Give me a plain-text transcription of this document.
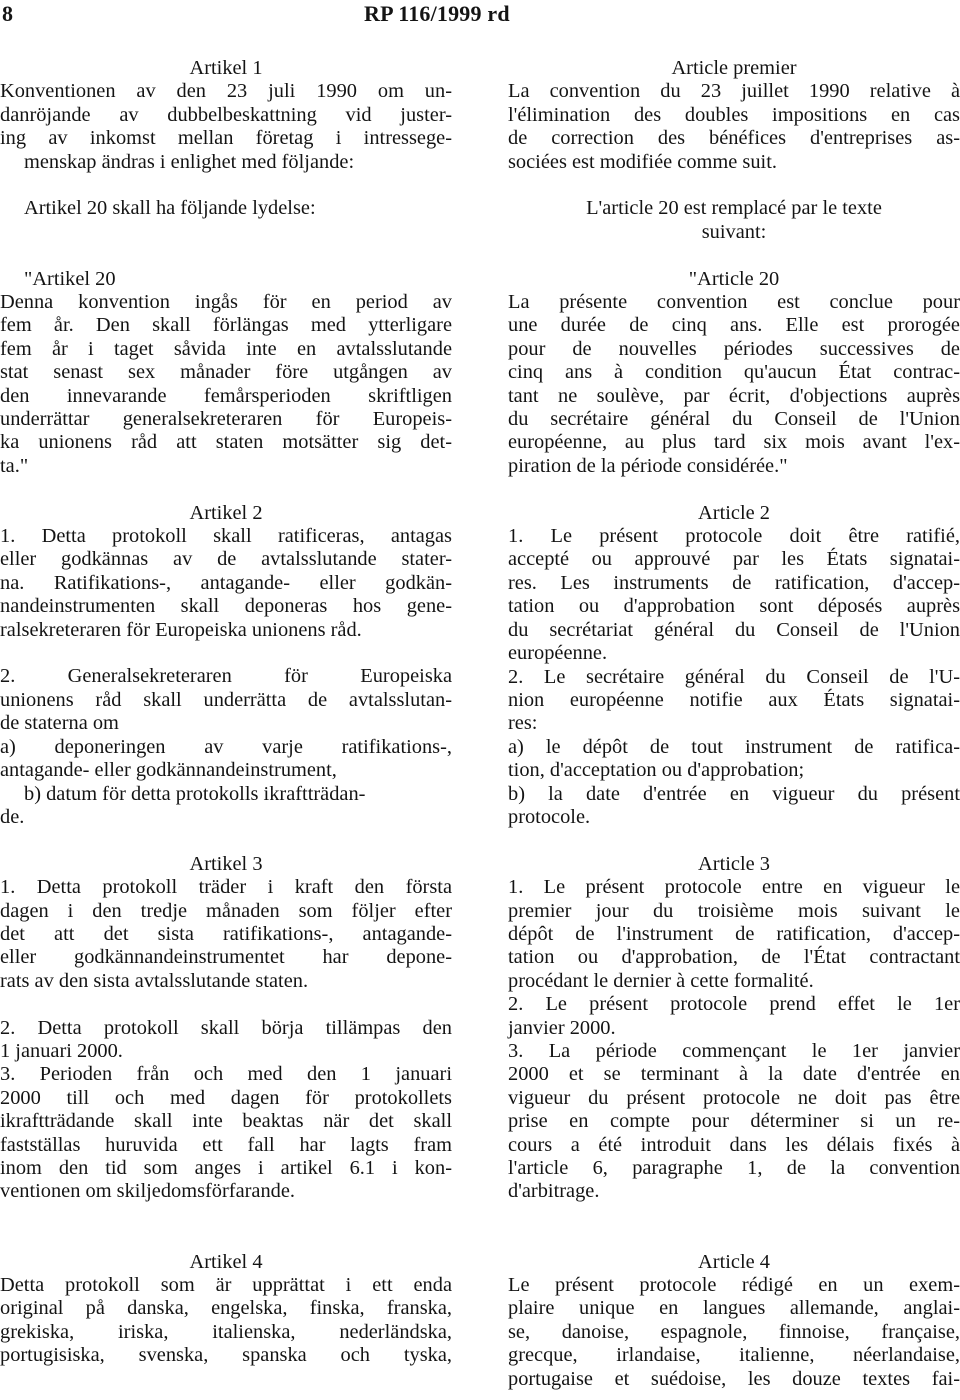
8	RP 116/1999 rd
Artikel 1
Konventionen av den 23 juli 1990 om un-
danröjande av dubbelbeskattning vid juster-
ing av inkomst mellan företag i intressege-
menskap ändras i enlighet med följande:
Artikel 20 skall ha följande lydelse:
"Artikel 20
Denna konvention ingås för en period av
fem år. Den skall förlängas med ytterligare
fem år i taget såvida inte en avtalsslutande
stat senast sex månader före utgången av
den innevarande femårsperioden skriftligen
underrättar generalsekreteraren för Europeis-
ka unionens råd att staten motsätter sig det-
ta."
Artikel 2
1. Detta protokoll skall ratificeras, antagas
eller godkännas av de avtalsslutande stater-
na. Ratifikations-, antagande- eller godkän-
nandeinstrumenten skall deponeras hos gene-
ralsekreteraren för Europeiska unionens råd.
2. Generalsekreteraren för Europeiska
unionens råd skall underrätta de avtalsslutan-
de staterna om
a) deponeringen av varje ratifikations-,
antagande- eller godkännandeinstrument,
b) datum för detta protokolls ikraftträdan-
de.
Artikel 3
1. Detta protokoll träder i kraft den första
dagen i den tredje månaden som följer efter
det att det sista ratifikations-, antagande-
eller godkännandeinstrumentet har depone-
rats av den sista avtalsslutande staten.
2. Detta protokoll skall börja tillämpas den
1 januari 2000.
3. Perioden från och med den 1 januari
2000 till och med dagen för protokollets
ikraftträdande skall inte beaktas när det skall
fastställas huruvida ett fall har lagts fram
inom den tid som anges i artikel 6.1 i kon-
ventionen om skiljedomsförfarande.
Artikel 4
Detta protokoll som är upprättat i ett enda
original på danska, engelska, finska, franska,
grekiska, iriska, italienska, nederländska,
portugisiska, svenska, spanska och tyska,
Article premier
La convention du 23 juillet 1990 relative à
l'élimination des doubles impositions en cas
de correction des bénéfices d'entreprises as-
sociées est modifiée comme suit.
L'article 20 est remplacé par le texte
suivant:
"Article 20
La présente convention est conclue pour
une durée de cinq ans. Elle est prorogée
pour de nouvelles périodes successives de
cinq ans à condition qu'aucun État contrac-
tant ne soulève, par écrit, d'objections auprès
du secrétaire général du Conseil de l'Union
européenne, au plus tard six mois avant l'ex-
piration de la période considérée."
Article 2
1. Le présent protocole doit être ratifié,
accepté ou approuvé par les États signatai-
res. Les instruments de ratification, d'accep-
tation ou d'approbation sont déposés auprès
du secrétariat général du Conseil de l'Union
européenne.
2. Le secrétaire général du Conseil de l'U-
nion européenne notifie aux États signatai-
res:
a) le dépôt de tout instrument de ratifica-
tion, d'acceptation ou d'approbation;
b) la date d'entrée en vigueur du présent
protocole.
Article 3
1. Le présent protocole entre en vigueur le
premier jour du troisième mois suivant le
dépôt de l'instrument de ratification, d'accep-
tation ou d'approbation, de l'État contractant
procédant le dernier à cette formalité.
2. Le présent protocole prend effet le 1er
janvier 2000.
3. La période commençant le 1er janvier
2000 et se terminant à la date d'entrée en
vigueur du présent protocole ne doit pas être
prise en compte pour déterminer si un re-
cours a été introduit dans les délais fixés à
l'article 6, paragraphe 1, de la convention
d'arbitrage.
Article 4
Le présent protocole rédigé en un exem-
plaire unique en langues allemande, anglai-
se, danoise, espagnole, finnoise, française,
grecque, irlandaise, italienne, néerlandaise,
portugaise et suédoise, les douze textes fai-
